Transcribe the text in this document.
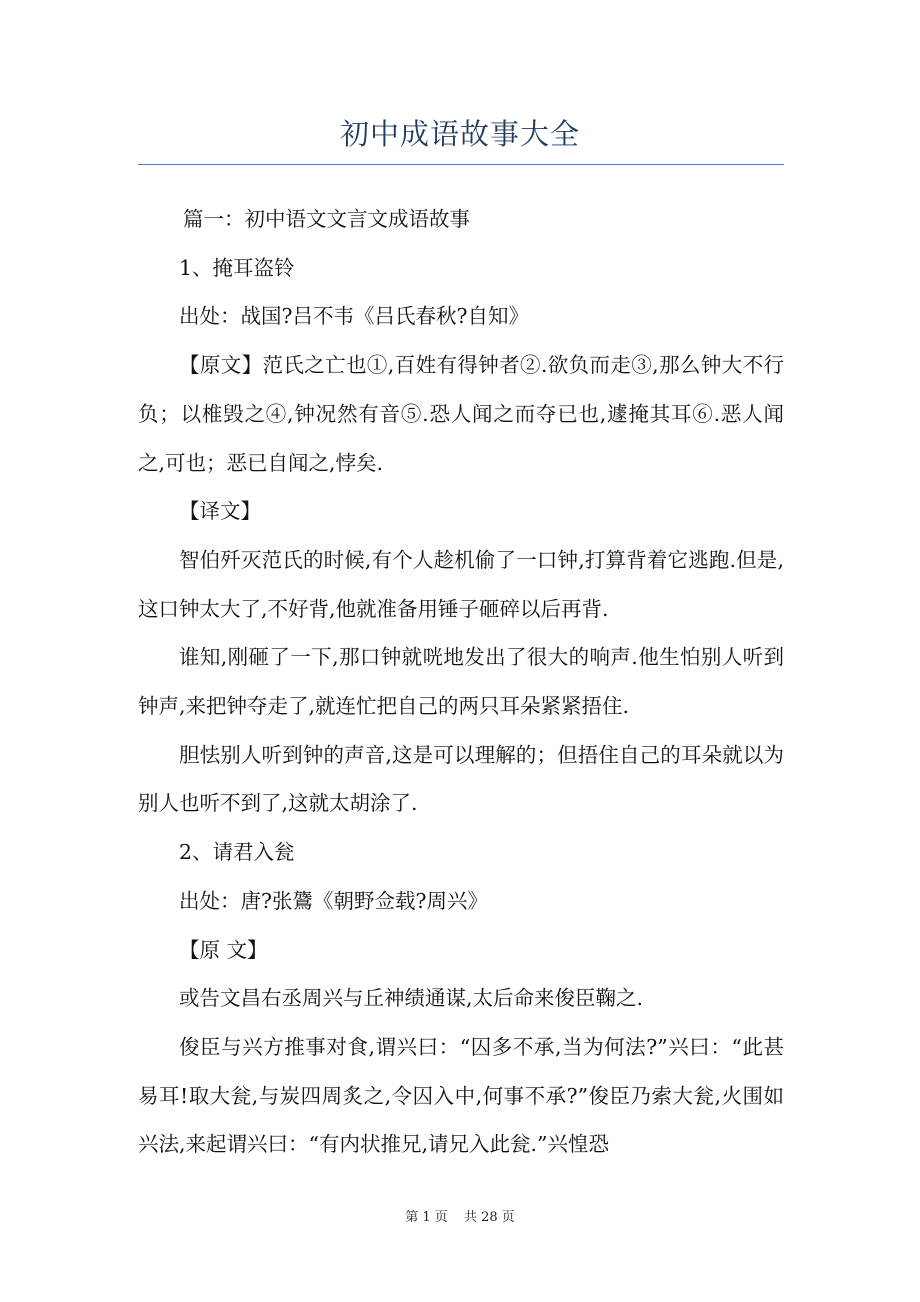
初中成语故事大全

篇一：初中语文文言文成语故事

1、掩耳盗铃

出处：战国?吕不韦《吕氏春秋?自知》

【原文】范氏之亡也①,百姓有得钟者②.欲负而走③,那么钟大不行负；以椎毁之④,钟况然有音⑤.恐人闻之而夺已也,遽掩其耳⑥.恶人闻之,可也；恶已自闻之,悖矣.

【译文】

智伯歼灭范氏的时候,有个人趁机偷了一口钟,打算背着它逃跑.但是,这口钟太大了,不好背,他就准备用锤子砸碎以后再背.

谁知,刚砸了一下,那口钟就咣地发出了很大的响声.他生怕别人听到钟声,来把钟夺走了,就连忙把自己的两只耳朵紧紧捂住.

胆怯别人听到钟的声音,这是可以理解的；但捂住自己的耳朵就以为别人也听不到了,这就太胡涂了.

2、请君入瓮

出处：唐?张鷟《朝野佥载?周兴》

【原 文】

或告文昌右丞周兴与丘神绩通谋,太后命来俊臣鞠之.

俊臣与兴方推事对食,谓兴曰：“囚多不承,当为何法?”兴曰：“此甚易耳!取大瓮,与炭四周炙之,令囚入中,何事不承?”俊臣乃索大瓮,火围如兴法,来起谓兴曰：“有内状推兄,请兄入此瓮.”兴惶恐

第 1 页 共 28 页
